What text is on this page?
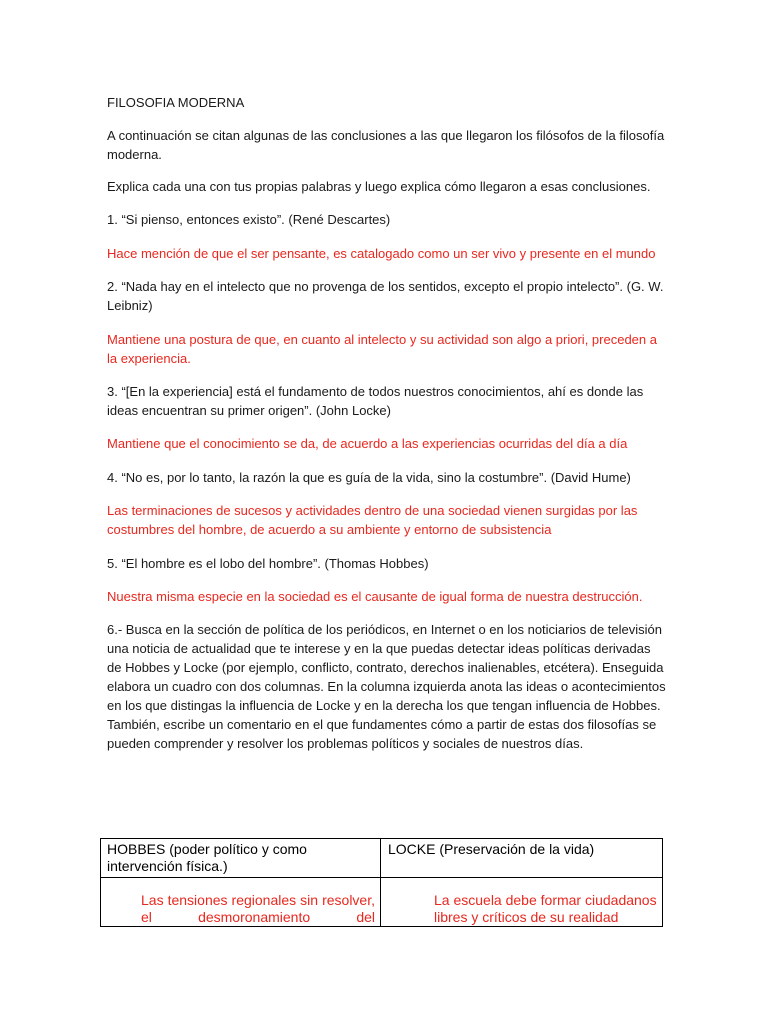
FILOSOFIA MODERNA

A continuación se citan algunas de las conclusiones a las que llegaron los filósofos de la filosofía moderna.

Explica cada una con tus propias palabras y luego explica cómo llegaron a esas conclusiones.

1. “Si pienso, entonces existo”. (René Descartes)

Hace mención de que el ser pensante, es catalogado como un ser vivo y presente en el mundo

2. “Nada hay en el intelecto que no provenga de los sentidos, excepto el propio intelecto”. (G. W. Leibniz)

Mantiene una postura de que, en cuanto al intelecto y su actividad son algo a priori, preceden a la experiencia.

3. “[En la experiencia] está el fundamento de todos nuestros conocimientos, ahí es donde las ideas encuentran su primer origen”. (John Locke)

Mantiene que el conocimiento se da, de acuerdo a las experiencias ocurridas del día a día

4. “No es, por lo tanto, la razón la que es guía de la vida, sino la costumbre”. (David Hume)

Las terminaciones de sucesos y actividades dentro de una sociedad vienen surgidas por las costumbres del hombre, de acuerdo a su ambiente y entorno de subsistencia

5. “El hombre es el lobo del hombre”. (Thomas Hobbes)

Nuestra misma especie en la sociedad es el causante de igual forma de nuestra destrucción.

6.- Busca en la sección de política de los periódicos, en Internet o en los noticiarios de televisión una noticia de actualidad que te interese y en la que puedas detectar ideas políticas derivadas de Hobbes y Locke (por ejemplo, conflicto, contrato, derechos inalienables, etcétera). Enseguida elabora un cuadro con dos columnas. En la columna izquierda anota las ideas o acontecimientos en los que distingas la influencia de Locke y en la derecha los que tengan influencia de Hobbes. También, escribe un comentario en el que fundamentes cómo a partir de estas dos filosofías se pueden comprender y resolver los problemas políticos y sociales de nuestros días.

HOBBES (poder político y como intervención física.)
LOCKE (Preservación de la vida)
Las tensiones regionales sin resolver, el desmoronamiento del
La escuela debe formar ciudadanos libres y críticos de su realidad
